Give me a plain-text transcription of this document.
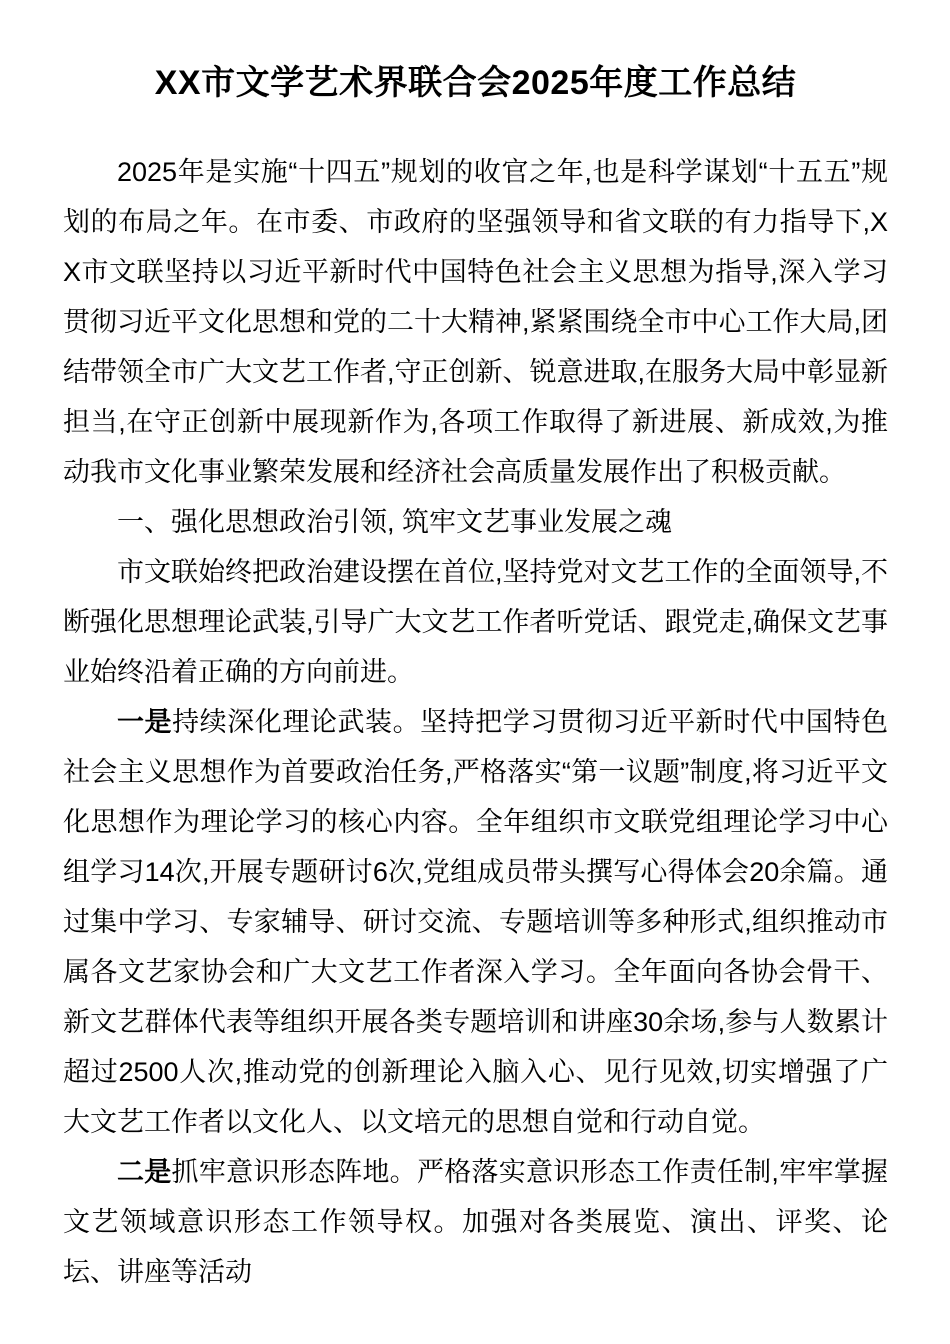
XX市文学艺术界联合会2025年度工作总结

2025年是实施“十四五”规划的收官之年,也是科学谋划“十五五”规划的布局之年。在市委、市政府的坚强领导和省文联的有力指导下,XX市文联坚持以习近平新时代中国特色社会主义思想为指导,深入学习贯彻习近平文化思想和党的二十大精神,紧紧围绕全市中心工作大局,团结带领全市广大文艺工作者,守正创新、锐意进取,在服务大局中彰显新担当,在守正创新中展现新作为,各项工作取得了新进展、新成效,为推动我市文化事业繁荣发展和经济社会高质量发展作出了积极贡献。

一、强化思想政治引领, 筑牢文艺事业发展之魂

市文联始终把政治建设摆在首位,坚持党对文艺工作的全面领导,不断强化思想理论武装,引导广大文艺工作者听党话、跟党走,确保文艺事业始终沿着正确的方向前进。

一是持续深化理论武装。坚持把学习贯彻习近平新时代中国特色社会主义思想作为首要政治任务,严格落实“第一议题”制度,将习近平文化思想作为理论学习的核心内容。全年组织市文联党组理论学习中心组学习14次,开展专题研讨6次,党组成员带头撰写心得体会20余篇。通过集中学习、专家辅导、研讨交流、专题培训等多种形式,组织推动市属各文艺家协会和广大文艺工作者深入学习。全年面向各协会骨干、新文艺群体代表等组织开展各类专题培训和讲座30余场,参与人数累计超过2500人次,推动党的创新理论入脑入心、见行见效,切实增强了广大文艺工作者以文化人、以文培元的思想自觉和行动自觉。

二是抓牢意识形态阵地。严格落实意识形态工作责任制,牢牢掌握文艺领域意识形态工作领导权。加强对各类展览、演出、评奖、论坛、讲座等活动
